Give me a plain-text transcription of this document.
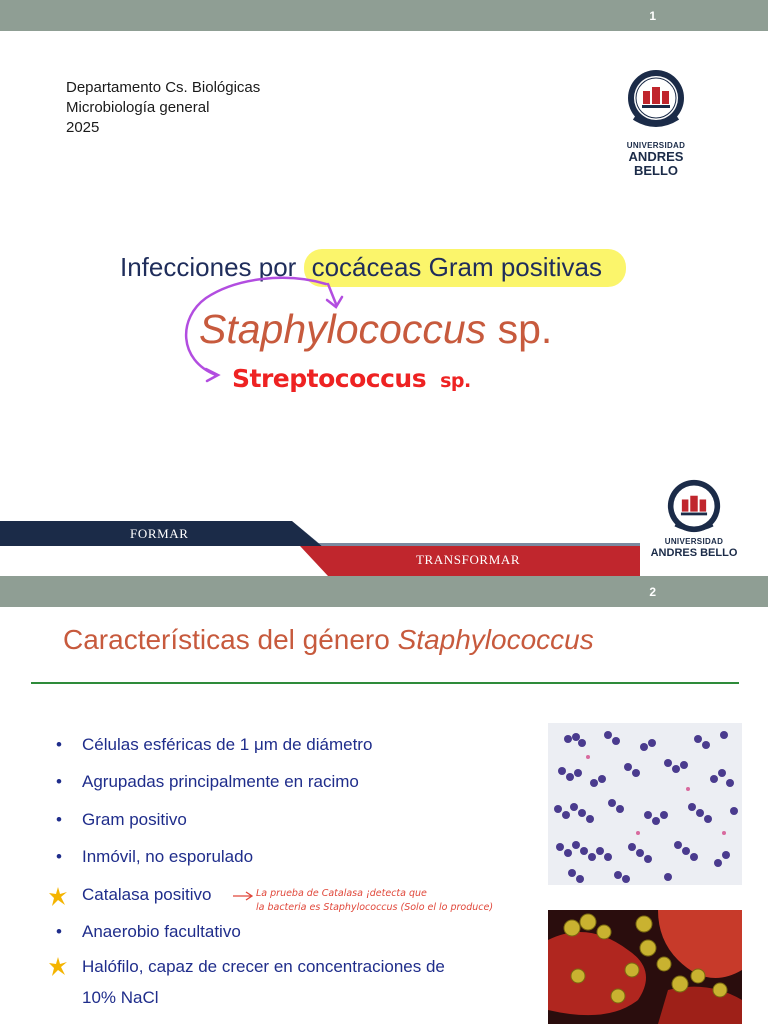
1
Departamento Cs. Biológicas
Microbiología general
2025
UNIVERSIDAD
ANDRES BELLO
Infecciones por cocáceas Gram positivas
Staphylococcus sp.
Streptococcus sp.
FORMAR
TRANSFORMAR
UNIVERSIDAD
ANDRES BELLO
2
Características del género Staphylococcus
• Células esféricas de 1 μm de diámetro
• Agrupadas principalmente en racimo
• Gram positivo
• Inmóvil, no esporulado
Catalasa positivo
• Anaerobio facultativo
Halófilo, capaz de crecer en concentraciones de
10% NaCl
La prueba de Catalasa ¡detecta que
la bacteria es Staphylococcus (Solo el lo produce)
